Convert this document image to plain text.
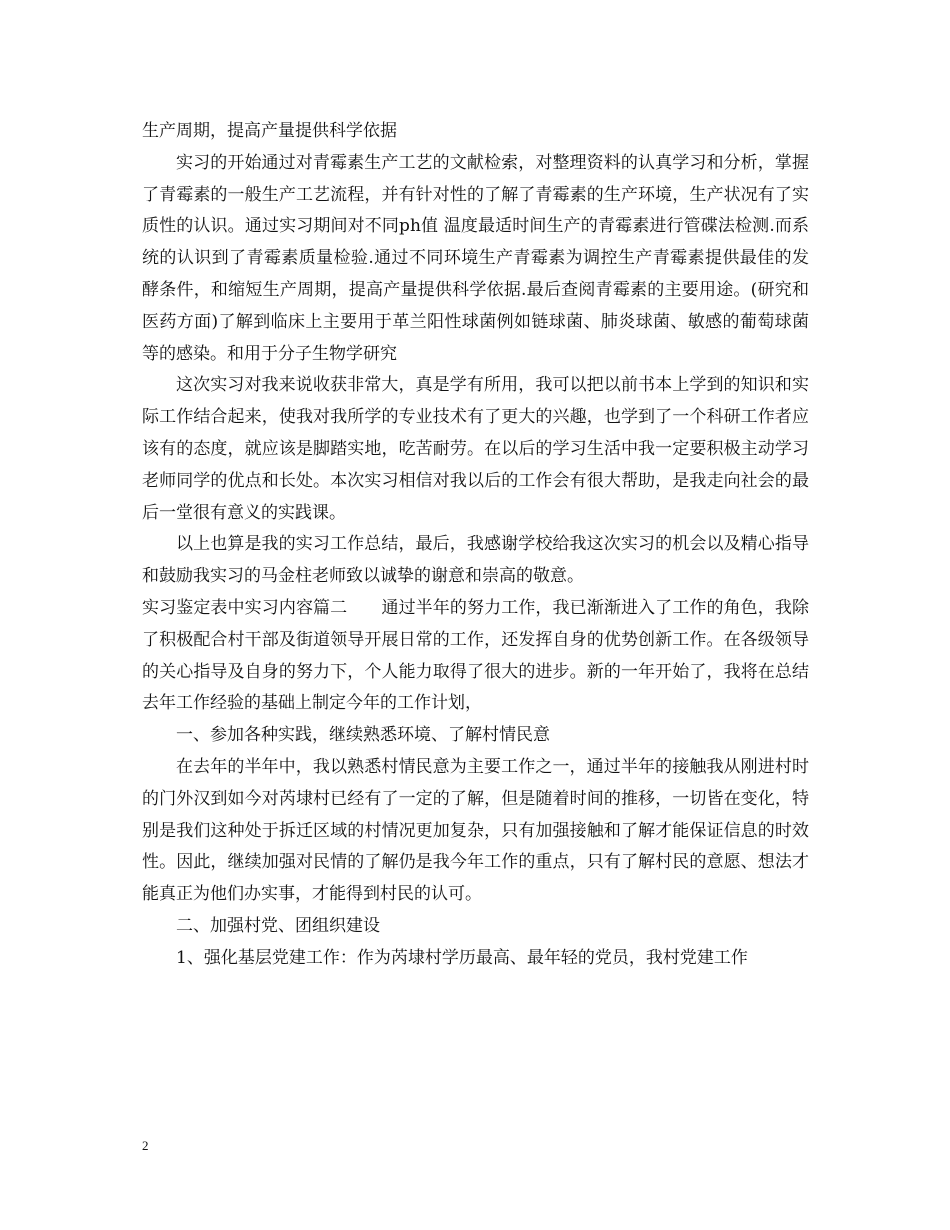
生产周期，提高产量提供科学依据

实习的开始通过对青霉素生产工艺的文献检索，对整理资料的认真学习和分析，掌握了青霉素的一般生产工艺流程，并有针对性的了解了青霉素的生产环境，生产状况有了实质性的认识。通过实习期间对不同ph值 温度最适时间生产的青霉素进行管碟法检测.而系统的认识到了青霉素质量检验.通过不同环境生产青霉素为调控生产青霉素提供最佳的发酵条件，和缩短生产周期，提高产量提供科学依据.最后查阅青霉素的主要用途。(研究和医药方面)了解到临床上主要用于革兰阳性球菌例如链球菌、肺炎球菌、敏感的葡萄球菌等的感染。和用于分子生物学研究

这次实习对我来说收获非常大，真是学有所用，我可以把以前书本上学到的知识和实际工作结合起来，使我对我所学的专业技术有了更大的兴趣，也学到了一个科研工作者应该有的态度，就应该是脚踏实地，吃苦耐劳。在以后的学习生活中我一定要积极主动学习老师同学的优点和长处。本次实习相信对我以后的工作会有很大帮助，是我走向社会的最后一堂很有意义的实践课。

以上也算是我的实习工作总结，最后，我感谢学校给我这次实习的机会以及精心指导和鼓励我实习的马金柱老师致以诚挚的谢意和崇高的敬意。

实习鉴定表中实习内容篇二　　通过半年的努力工作，我已渐渐进入了工作的角色，我除了积极配合村干部及街道领导开展日常的工作，还发挥自身的优势创新工作。在各级领导的关心指导及自身的努力下，个人能力取得了很大的进步。新的一年开始了，我将在总结去年工作经验的基础上制定今年的工作计划，

一、参加各种实践，继续熟悉环境、了解村情民意

在去年的半年中，我以熟悉村情民意为主要工作之一，通过半年的接触我从刚进村时的门外汉到如今对芮埭村已经有了一定的了解，但是随着时间的推移，一切皆在变化，特别是我们这种处于拆迁区域的村情况更加复杂，只有加强接触和了解才能保证信息的时效性。因此，继续加强对民情的了解仍是我今年工作的重点，只有了解村民的意愿、想法才能真正为他们办实事，才能得到村民的认可。

二、加强村党、团组织建设

1、强化基层党建工作：作为芮埭村学历最高、最年轻的党员，我村党建工作

2
